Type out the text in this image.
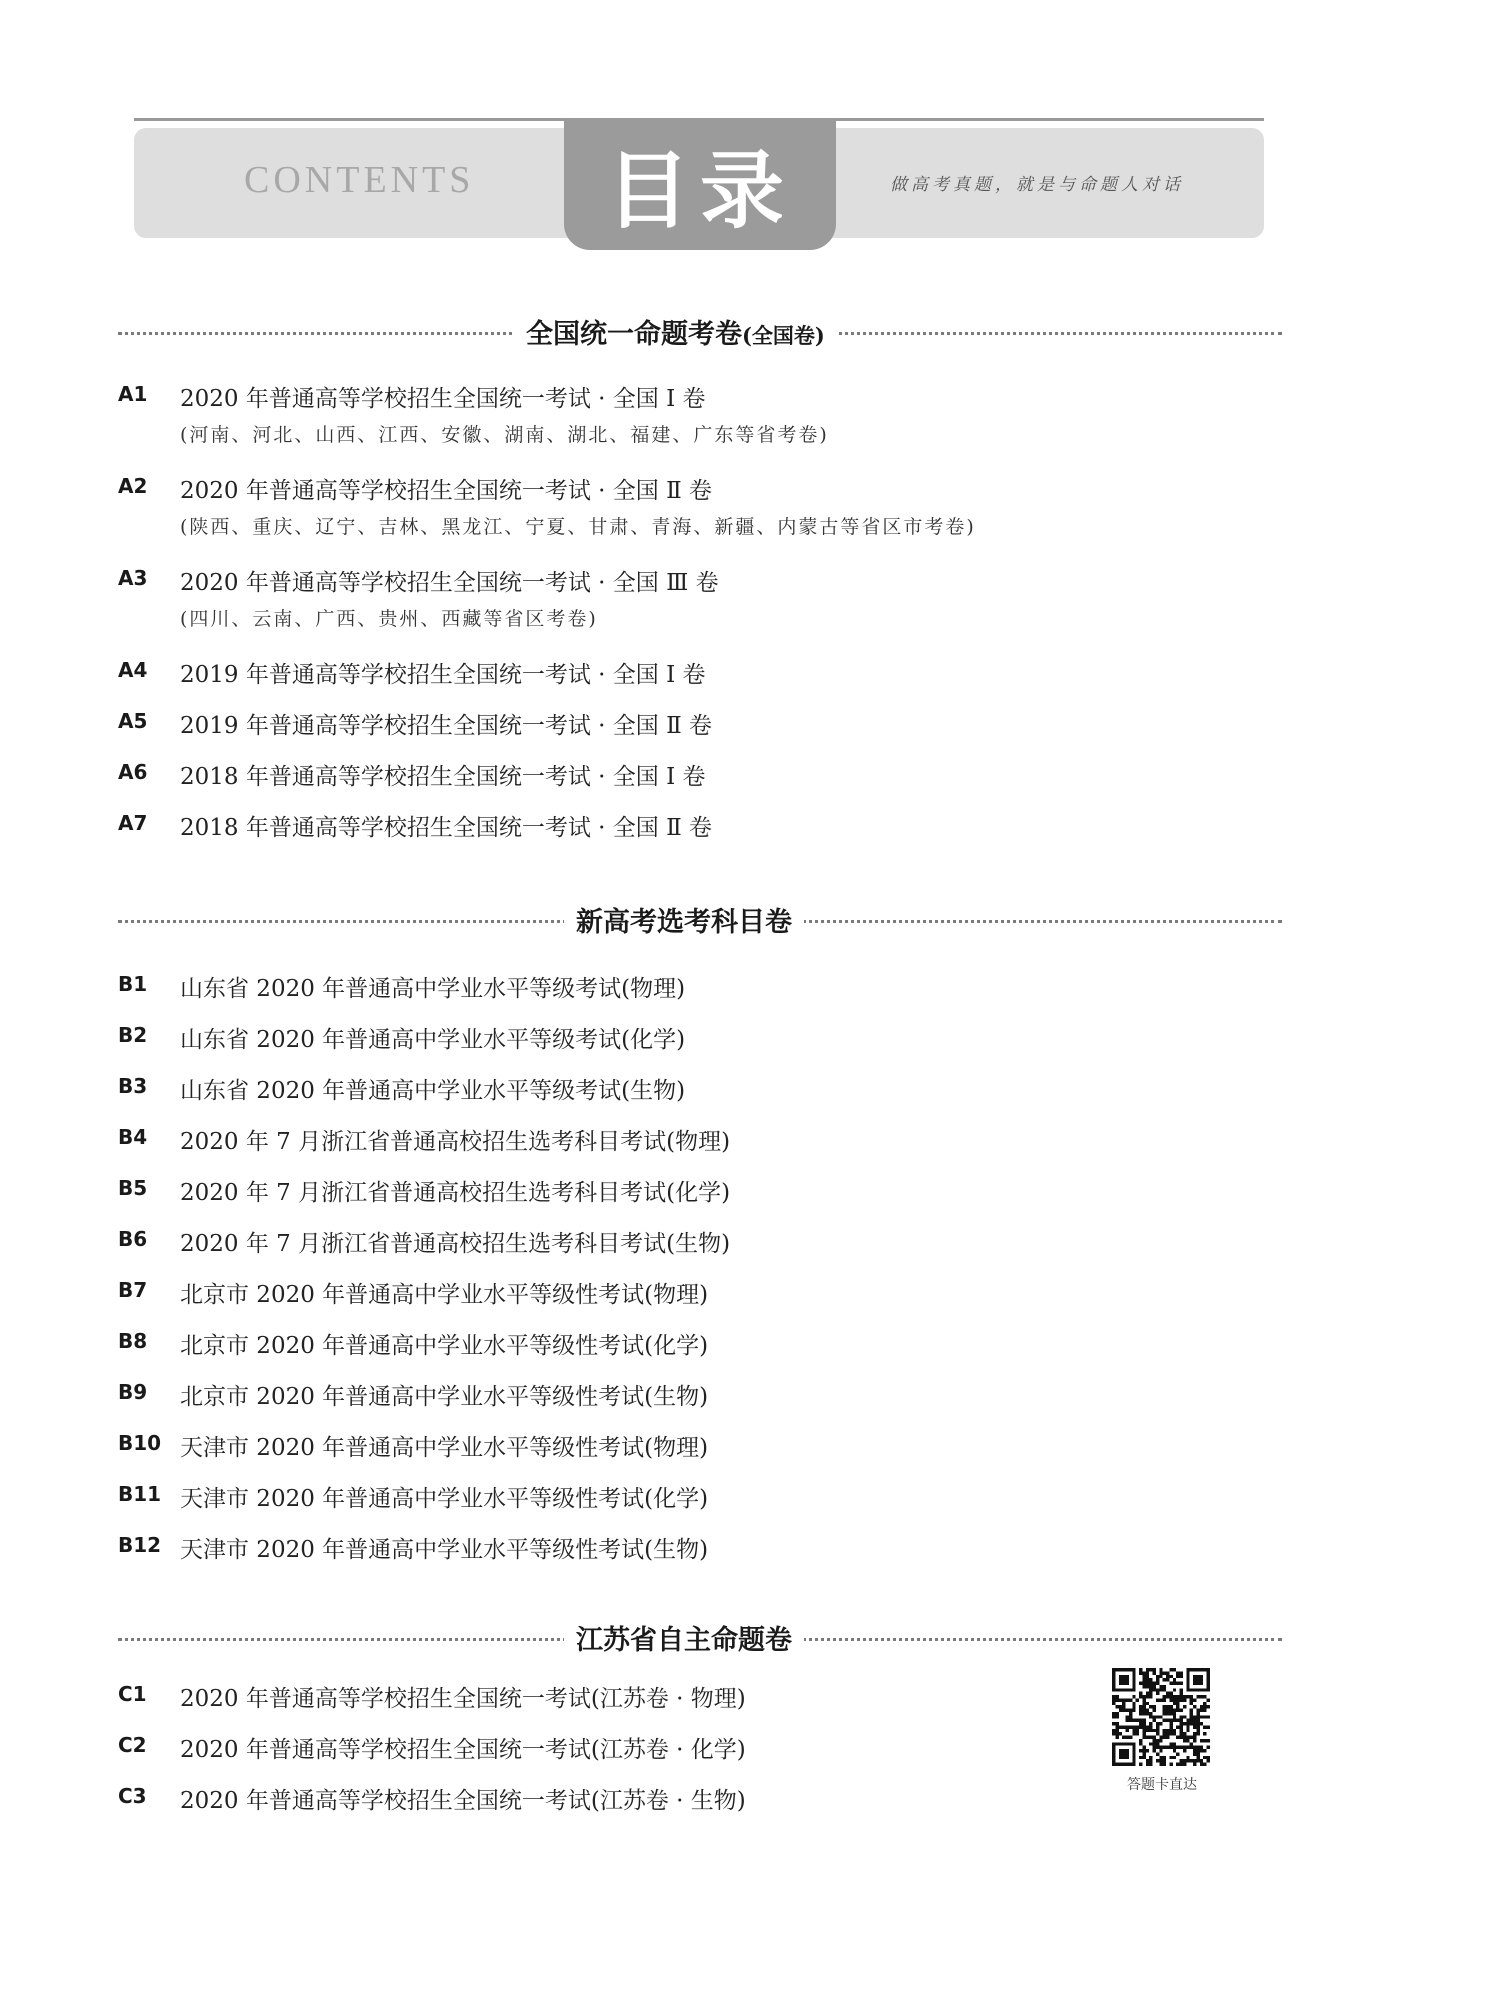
CONTENTS 目录	做高考真题，就是与命题人对话
全国统一命题考卷(全国卷)
A1 2020 年普通高等学校招生全国统一考试 · 全国 Ⅰ 卷
(河南、河北、山西、江西、安徽、湖南、湖北、福建、广东等省考卷)
A2 2020 年普通高等学校招生全国统一考试 · 全国 Ⅱ 卷
(陕西、重庆、辽宁、吉林、黑龙江、宁夏、甘肃、青海、新疆、内蒙古等省区市考卷)
A3 2020 年普通高等学校招生全国统一考试 · 全国 Ⅲ 卷
(四川、云南、广西、贵州、西藏等省区考卷)
A4 2019 年普通高等学校招生全国统一考试 · 全国 Ⅰ 卷
A5 2019 年普通高等学校招生全国统一考试 · 全国 Ⅱ 卷
A6 2018 年普通高等学校招生全国统一考试 · 全国 Ⅰ 卷
A7 2018 年普通高等学校招生全国统一考试 · 全国 Ⅱ 卷
新高考选考科目卷
B1 山东省 2020 年普通高中学业水平等级考试(物理)
B2 山东省 2020 年普通高中学业水平等级考试(化学)
B3 山东省 2020 年普通高中学业水平等级考试(生物)
B4 2020 年 7 月浙江省普通高校招生选考科目考试(物理)
B5 2020 年 7 月浙江省普通高校招生选考科目考试(化学)
B6 2020 年 7 月浙江省普通高校招生选考科目考试(生物)
B7 北京市 2020 年普通高中学业水平等级性考试(物理)
B8 北京市 2020 年普通高中学业水平等级性考试(化学)
B9 北京市 2020 年普通高中学业水平等级性考试(生物)
B10 天津市 2020 年普通高中学业水平等级性考试(物理)
B11 天津市 2020 年普通高中学业水平等级性考试(化学)
B12 天津市 2020 年普通高中学业水平等级性考试(生物)
江苏省自主命题卷
C1 2020 年普通高等学校招生全国统一考试(江苏卷 · 物理)
C2 2020 年普通高等学校招生全国统一考试(江苏卷 · 化学)
C3 2020 年普通高等学校招生全国统一考试(江苏卷 · 生物)
答题卡直达
